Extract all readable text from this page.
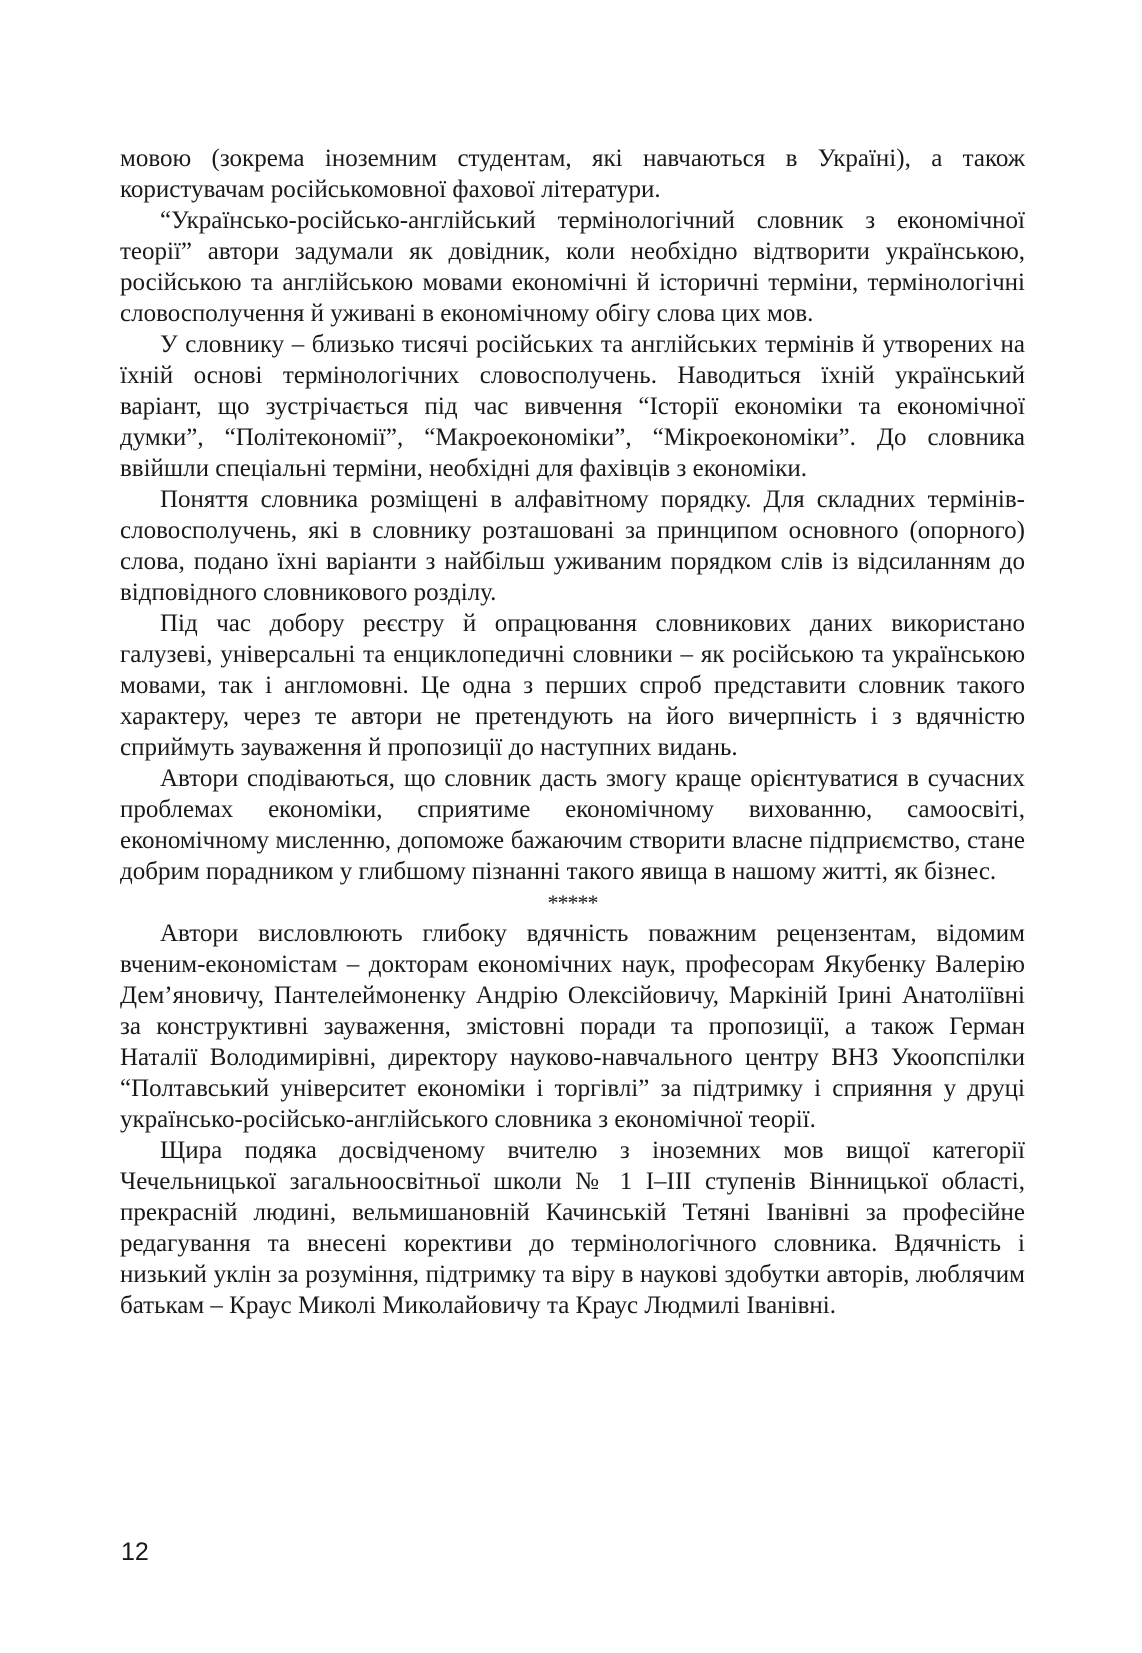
мовою (зокрема іноземним студентам, які навчаються в Україні), а також користувачам російськомовної фахової літератури.

“Українсько-російсько-англійський термінологічний словник з економічної теорії” автори задумали як довідник, коли необхідно відтворити українською, російською та англійською мовами економічні й історичні терміни, термінологічні словосполучення й уживані в економічному обігу слова цих мов.

У словнику – близько тисячі російських та англійських термінів й утворених на їхній основі термінологічних словосполучень. Наводиться їхній український варіант, що зустрічається під час вивчення “Історії економіки та економічної думки”, “Політекономії”, “Макроекономіки”, “Мікроекономіки”. До словника ввійшли спеціальні терміни, необхідні для фахівців з економіки.

Поняття словника розміщені в алфавітному порядку. Для складних термінів-словосполучень, які в словнику розташовані за принципом основного (опорного) слова, подано їхні варіанти з найбільш уживаним порядком слів із відсиланням до відповідного словникового розділу.

Під час добору реєстру й опрацювання словникових даних використано галузеві, універсальні та енциклопедичні словники – як російською та українською мовами, так і англомовні. Це одна з перших спроб представити словник такого характеру, через те автори не претендують на його вичерпність і з вдячністю сприймуть зауваження й пропозиції до наступних видань.

Автори сподіваються, що словник дасть змогу краще орієнтуватися в сучасних проблемах економіки, сприятиме економічному вихованню, самоосвіті, економічному мисленню, допоможе бажаючим створити власне підприємство, стане добрим порадником у глибшому пізнанні такого явища в нашому житті, як бізнес.

*****

Автори висловлюють глибоку вдячність поважним рецензентам, відомим вченим-економістам – докторам економічних наук, професорам Якубенку Валерію Дем’яновичу, Пантелеймоненку Андрію Олексійовичу, Маркіній Ірині Анатоліївні за конструктивні зауваження, змістовні поради та пропозиції, а також Герман Наталії Володимирівні, директору науково-навчального центру ВНЗ Укоопспілки “Полтавський університет економіки і торгівлі” за підтримку і сприяння у друці українсько-російсько-англійського словника з економічної теорії.

Щира подяка досвідченому вчителю з іноземних мов вищої категорії Чечельницької загальноосвітньої школи № 1 І–ІІІ ступенів Вінницької області, прекрасній людині, вельмишановній Качинській Тетяні Іванівні за професійне редагування та внесені корективи до термінологічного словника. Вдячність і низький уклін за розуміння, підтримку та віру в наукові здобутки авторів, люблячим батькам – Краус Миколі Миколайовичу та Краус Людмилі Іванівні.

12
